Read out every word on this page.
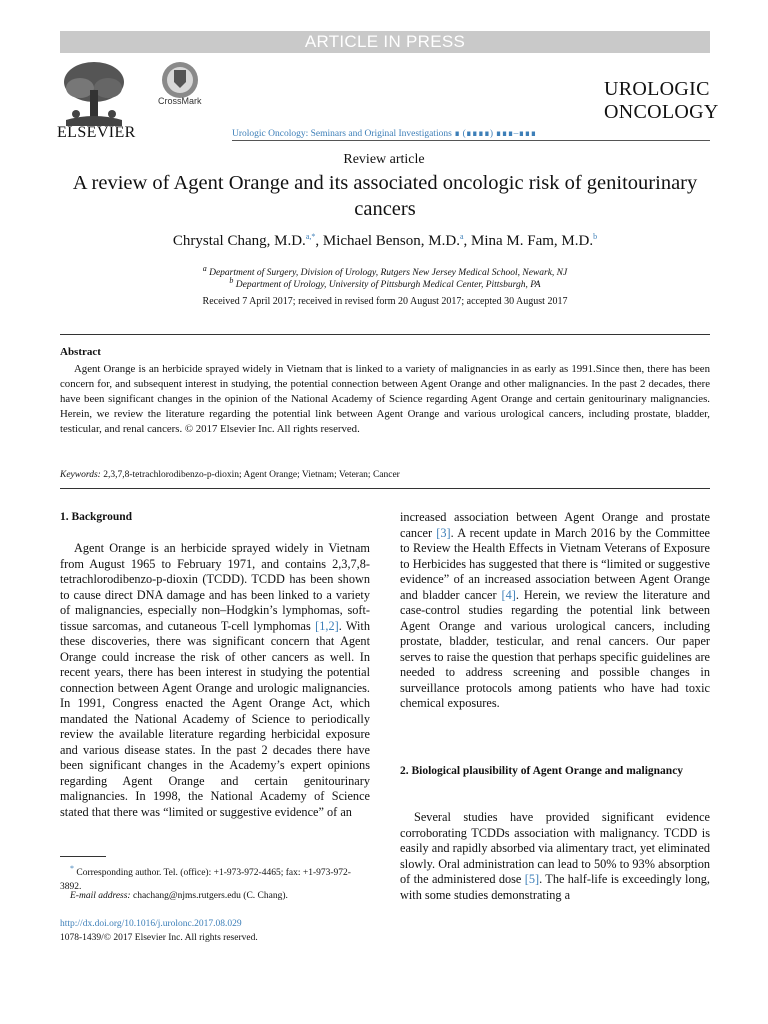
ARTICLE IN PRESS
ELSEVIER
CrossMark
Urologic Oncology: Seminars and Original Investigations ∎ (∎∎∎∎) ∎∎∎–∎∎∎
UROLOGIC
ONCOLOGY
Review article
A review of Agent Orange and its associated oncologic risk of genitourinary cancers
Chrystal Chang, M.D.$^{a,*}$, Michael Benson, M.D.$^a$, Mina M. Fam, M.D.$^b$
$^a$ Department of Surgery, Division of Urology, Rutgers New Jersey Medical School, Newark, NJ
$^b$ Department of Urology, University of Pittsburgh Medical Center, Pittsburgh, PA
Received 7 April 2017; received in revised form 20 August 2017; accepted 30 August 2017
Abstract
Agent Orange is an herbicide sprayed widely in Vietnam that is linked to a variety of malignancies in as early as 1991.Since then, there has been concern for, and subsequent interest in studying, the potential connection between Agent Orange and other malignancies. In the past 2 decades, there have been significant changes in the opinion of the National Academy of Science regarding Agent Orange and certain genitourinary malignancies. Herein, we review the literature regarding the potential link between Agent Orange and various urological cancers, including prostate, bladder, testicular, and renal cancers. © 2017 Elsevier Inc. All rights reserved.
Keywords: 2,3,7,8-tetrachlorodibenzo-p-dioxin; Agent Orange; Vietnam; Veteran; Cancer
1. Background

Agent Orange is an herbicide sprayed widely in Vietnam from August 1965 to February 1971, and contains 2,3,7,8-tetrachlorodibenzo-p-dioxin (TCDD). TCDD has been shown to cause direct DNA damage and has been linked to a variety of malignancies, especially non–Hodgkin’s lymphomas, soft-tissue sarcomas, and cutaneous T-cell lymphomas [1,2]. With these discoveries, there was significant concern that Agent Orange could increase the risk of other cancers as well. In recent years, there has been interest in studying the potential connection between Agent Orange and urologic malignancies. In 1991, Congress enacted the Agent Orange Act, which mandated the National Academy of Science to periodically review the available literature regarding herbicidal exposure and various disease states. In the past 2 decades there have been significant changes in the Academy’s expert opinions regarding Agent Orange and certain genitourinary malignancies. In 1998, the National Academy of Science stated that there was “limited or suggestive evidence” of an

increased association between Agent Orange and prostate cancer [3]. A recent update in March 2016 by the Committee to Review the Health Effects in Vietnam Veterans of Exposure to Herbicides has suggested that there is “limited or suggestive evidence” of an increased association between Agent Orange and bladder cancer [4]. Herein, we review the literature and case-control studies regarding the potential link between Agent Orange and various urological cancers, including prostate, bladder, testicular, and renal cancers. Our paper serves to raise the question that perhaps specific guidelines are needed to address screening and possible changes in surveillance protocols among patients who have had toxic chemical exposures.
2. Biological plausibility of Agent Orange and malignancy

Several studies have provided significant evidence corroborating TCDDs association with malignancy. TCDD is easily and rapidly absorbed via alimentary tract, yet eliminated slowly. Oral administration can lead to 50% to 93% absorption of the administered dose [5]. The half-life is exceedingly long, with some studies demonstrating a

* Corresponding author. Tel. (office): +1-973-972-4465; fax: +1-973-972-3892.
E-mail address: chachang@njms.rutgers.edu (C. Chang).
http://dx.doi.org/10.1016/j.urolonc.2017.08.029
1078-1439/© 2017 Elsevier Inc. All rights reserved.
